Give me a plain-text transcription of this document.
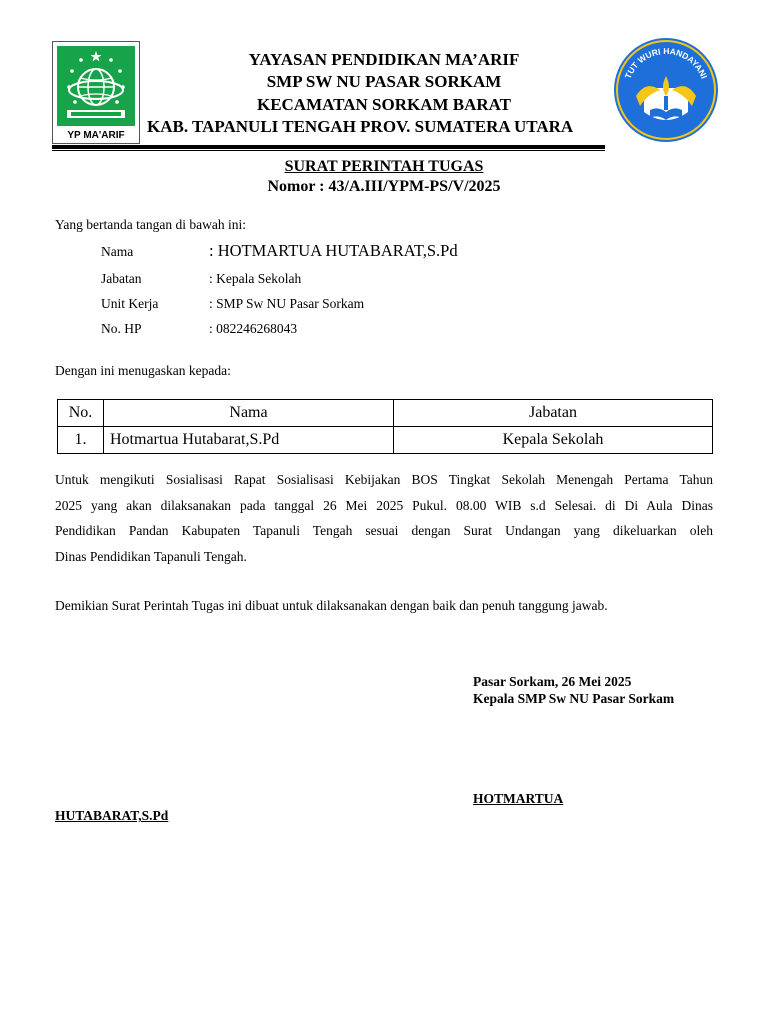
YP MA'ARIF
TUT WURI HANDAYANI
YAYASAN PENDIDIKAN MA’ARIF
SMP SW NU PASAR SORKAM
KECAMATAN SORKAM BARAT
KAB. TAPANULI TENGAH PROV. SUMATERA UTARA
SURAT PERINTAH TUGAS
Nomor : 43/A.III/YPM-PS/V/2025
Yang bertanda tangan di bawah ini:
Nama	: HOTMARTUA HUTABARAT,S.Pd
Jabatan	: Kepala Sekolah
Unit Kerja	: SMP Sw NU Pasar Sorkam
No. HP	: 082246268043
Dengan ini menugaskan kepada:
No.	Nama	Jabatan
1.	Hotmartua Hutabarat,S.Pd	Kepala Sekolah
Untuk mengikuti Sosialisasi Rapat Sosialisasi Kebijakan BOS Tingkat Sekolah Menengah Pertama Tahun
2025 yang akan dilaksanakan pada tanggal 26 Mei 2025 Pukul. 08.00 WIB s.d Selesai. di Di Aula Dinas
Pendidikan Pandan Kabupaten Tapanuli Tengah sesuai dengan Surat Undangan yang dikeluarkan oleh
Dinas Pendidikan Tapanuli Tengah.
Demikian Surat Perintah Tugas ini dibuat untuk dilaksanakan dengan baik dan penuh tanggung jawab.
Pasar Sorkam, 26 Mei 2025
Kepala SMP Sw NU Pasar Sorkam
HOTMARTUA
HUTABARAT,S.Pd
